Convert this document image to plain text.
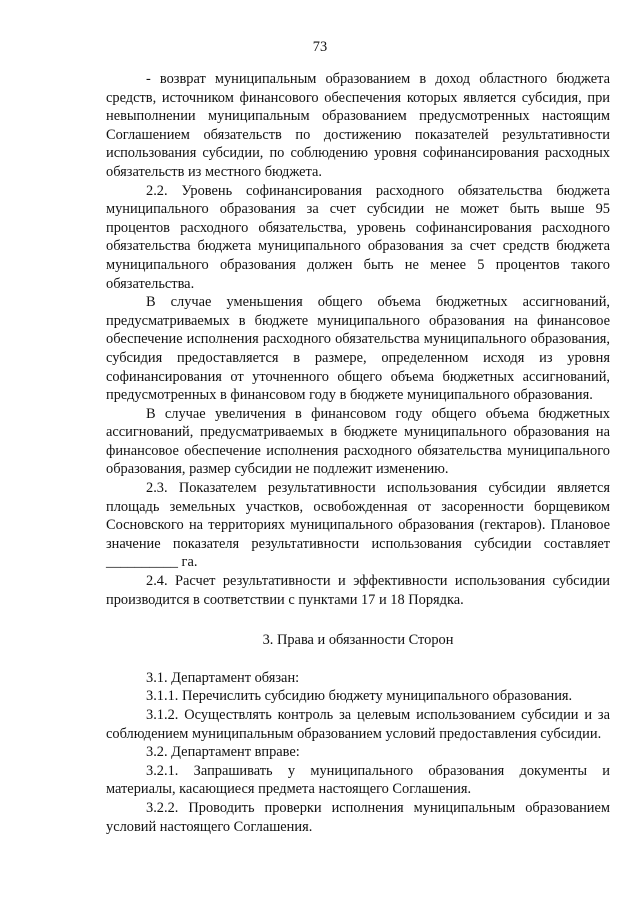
73

- возврат муниципальным образованием в доход областного бюджета средств, источником финансового обеспечения которых является субсидия, при невыполнении муниципальным образованием предусмотренных настоящим Соглашением обязательств по достижению показателей результативности использования субсидии, по соблюдению уровня софинансирования расходных обязательств из местного бюджета.

2.2. Уровень софинансирования расходного обязательства бюджета муниципального образования за счет субсидии не может быть выше 95 процентов расходного обязательства, уровень софинансирования расходного обязательства бюджета муниципального образования за счет средств бюджета муниципального образования должен быть не менее 5 процентов такого обязательства.

В случае уменьшения общего объема бюджетных ассигнований, предусматриваемых в бюджете муниципального образования на финансовое обеспечение исполнения расходного обязательства муниципального образования, субсидия предоставляется в размере, определенном исходя из уровня софинансирования от уточненного общего объема бюджетных ассигнований, предусмотренных в финансовом году в бюджете муниципального образования.

В случае увеличения в финансовом году общего объема бюджетных ассигнований, предусматриваемых в бюджете муниципального образования на финансовое обеспечение исполнения расходного обязательства муниципального образования, размер субсидии не подлежит изменению.

2.3. Показателем результативности использования субсидии является площадь земельных участков, освобожденная от засоренности борщевиком Сосновского на территориях муниципального образования (гектаров). Плановое значение показателя результативности использования субсидии составляет __________ га.

2.4. Расчет результативности и эффективности использования субсидии производится в соответствии с пунктами 17 и 18 Порядка.

3. Права и обязанности Сторон

3.1. Департамент обязан:

3.1.1. Перечислить субсидию бюджету муниципального образования.

3.1.2. Осуществлять контроль за целевым использованием субсидии и за соблюдением муниципальным образованием условий предоставления субсидии.

3.2. Департамент вправе:

3.2.1. Запрашивать у муниципального образования документы и материалы, касающиеся предмета настоящего Соглашения.

3.2.2. Проводить проверки исполнения муниципальным образованием условий настоящего Соглашения.
